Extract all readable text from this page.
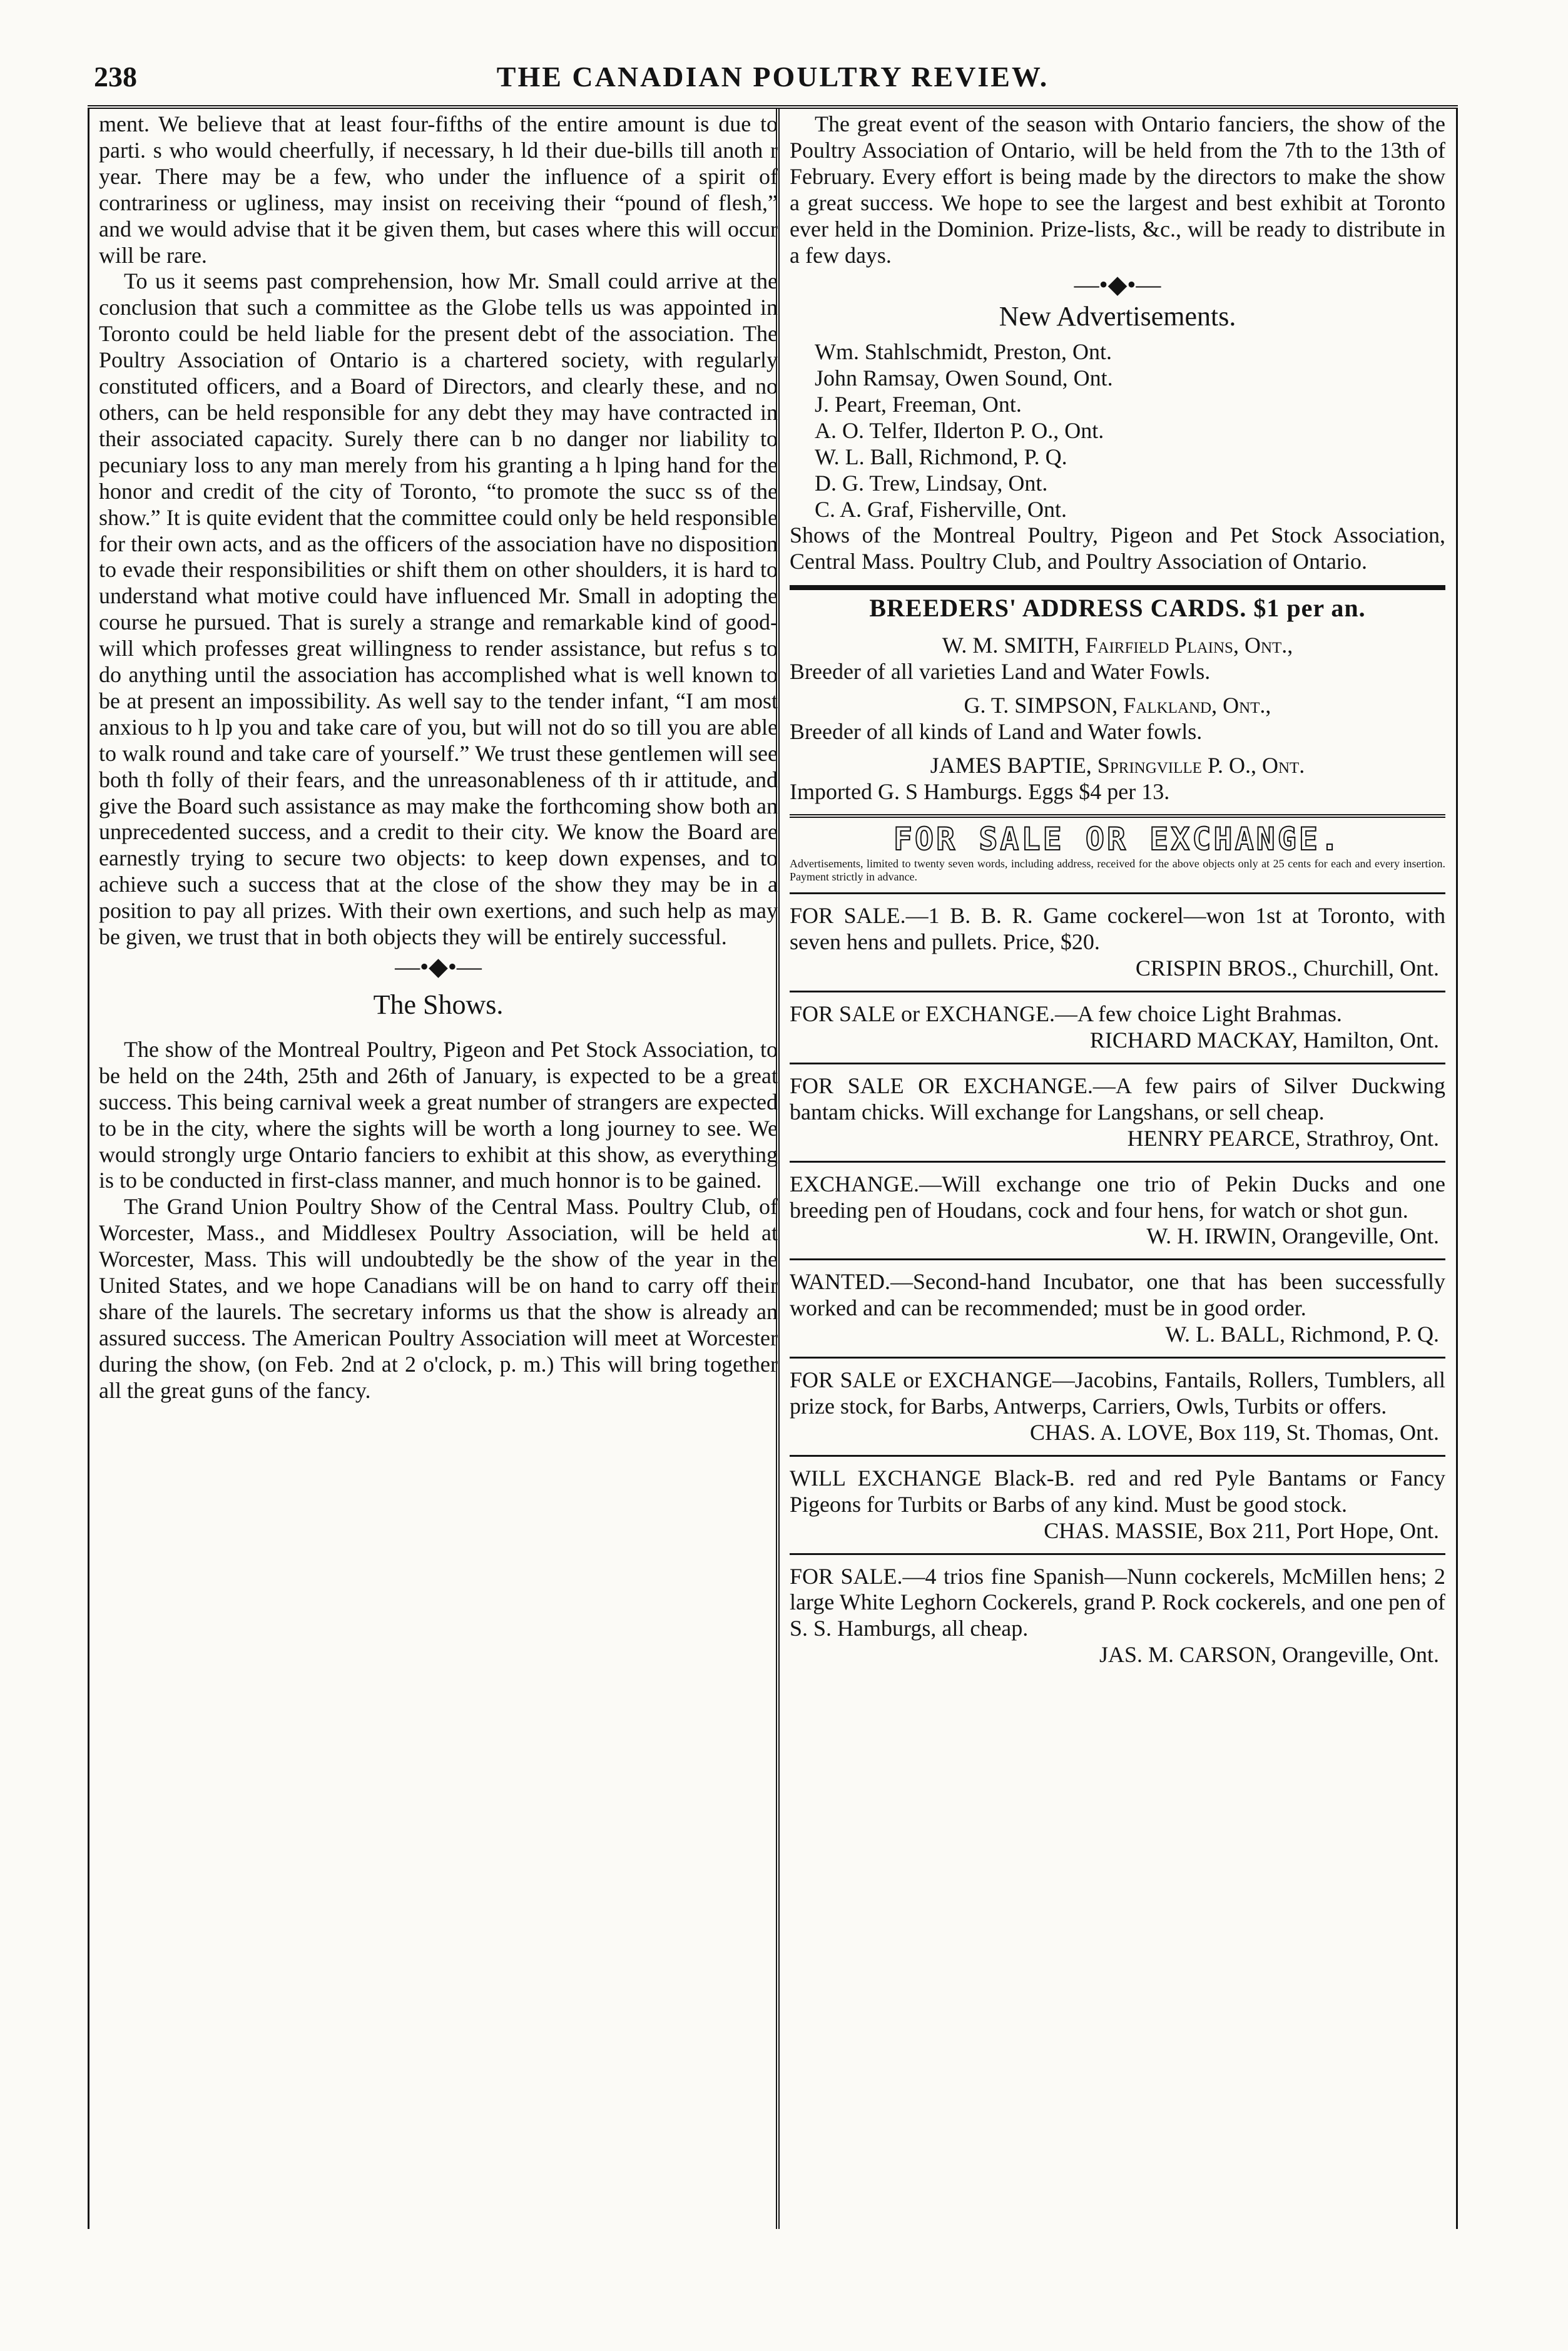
238	THE CANADIAN POULTRY REVIEW.

ment. We believe that at least four-fifths of the entire amount is due to parti. s who would cheerfully, if necessary, h ld their due-bills till anoth r year. There may be a few, who under the influence of a spirit of contrariness or ugliness, may insist on receiving their “pound of flesh,” and we would advise that it be given them, but cases where this will occur will be rare.

To us it seems past comprehension, how Mr. Small could arrive at the conclusion that such a committee as the Globe tells us was appointed in Toronto could be held liable for the present debt of the association. The Poultry Association of Ontario is a chartered society, with regularly constituted officers, and a Board of Directors, and clearly these, and no others, can be held responsible for any debt they may have contracted in their associated capacity. Surely there can b no danger nor liability to pecuniary loss to any man merely from his granting a h lping hand for the honor and credit of the city of Toronto, “to promote the succ ss of the show.” It is quite evident that the committee could only be held responsible for their own acts, and as the officers of the association have no disposition to evade their responsibilities or shift them on other shoulders, it is hard to understand what motive could have influenced Mr. Small in adopting the course he pursued. That is surely a strange and remarkable kind of good-will which professes great willingness to render assistance, but refus s to do anything until the association has accomplished what is well known to be at present an impossibility. As well say to the tender infant, “I am most anxious to h lp you and take care of you, but will not do so till you are able to walk round and take care of yourself.” We trust these gentlemen will see both th folly of their fears, and the unreasonableness of th ir attitude, and give the Board such assistance as may make the forthcoming show both an unprecedented success, and a credit to their city. We know the Board are earnestly trying to secure two objects: to keep down expenses, and to achieve such a success that at the close of the show they may be in a position to pay all prizes. With their own exertions, and such help as may be given, we trust that in both objects they will be entirely successful.

—•◆•—
The Shows.

The show of the Montreal Poultry, Pigeon and Pet Stock Association, to be held on the 24th, 25th and 26th of January, is expected to be a great success. This being carnival week a great number of strangers are expected to be in the city, where the sights will be worth a long journey to see. We would strongly urge Ontario fanciers to exhibit at this show, as everything is to be conducted in first-class manner, and much honnor is to be gained.

The Grand Union Poultry Show of the Central Mass. Poultry Club, of Worcester, Mass., and Middlesex Poultry Association, will be held at Worcester, Mass. This will undoubtedly be the show of the year in the United States, and we hope Canadians will be on hand to carry off their share of the laurels. The secretary informs us that the show is already an assured success. The American Poultry Association will meet at Worcester during the show, (on Feb. 2nd at 2 o'clock, p. m.) This will bring together all the great guns of the fancy.

The great event of the season with Ontario fanciers, the show of the Poultry Association of Ontario, will be held from the 7th to the 13th of February. Every effort is being made by the directors to make the show a great success. We hope to see the largest and best exhibit at Toronto ever held in the Dominion. Prize-lists, &c., will be ready to distribute in a few days.

—•◆•—
New Advertisements.
Wm. Stahlschmidt, Preston, Ont.
John Ramsay, Owen Sound, Ont.
J. Peart, Freeman, Ont.
A. O. Telfer, Ilderton P. O., Ont.
W. L. Ball, Richmond, P. Q.
D. G. Trew, Lindsay, Ont.
C. A. Graf, Fisherville, Ont.

Shows of the Montreal Poultry, Pigeon and Pet Stock Association, Central Mass. Poultry Club, and Poultry Association of Ontario.

BREEDERS' ADDRESS CARDS. $1 per an.
W. M. SMITH, Fairfield Plains, Ont.,
Breeder of all varieties Land and Water Fowls.
G. T. SIMPSON, Falkland, Ont.,
Breeder of all kinds of Land and Water fowls.
JAMES BAPTIE, Springville P. O., Ont.
Imported G. S Hamburgs. Eggs $4 per 13.
FOR SALE OR EXCHANGE.
Advertisements, limited to twenty seven words, including address, received for the above objects only at 25 cents for each and every insertion. Payment strictly in advance.

FOR SALE.—1 B. B. R. Game cockerel—won 1st at Toronto, with seven hens and pullets. Price, $20.

CRISPIN BROS., Churchill, Ont.

FOR SALE or EXCHANGE.—A few choice Light Brahmas.

RICHARD MACKAY, Hamilton, Ont.

FOR SALE OR EXCHANGE.—A few pairs of Silver Duckwing bantam chicks. Will exchange for Langshans, or sell cheap.

HENRY PEARCE, Strathroy, Ont.

EXCHANGE.—Will exchange one trio of Pekin Ducks and one breeding pen of Houdans, cock and four hens, for watch or shot gun.

W. H. IRWIN, Orangeville, Ont.

WANTED.—Second-hand Incubator, one that has been successfully worked and can be recommended; must be in good order.

W. L. BALL, Richmond, P. Q.

FOR SALE or EXCHANGE—Jacobins, Fantails, Rollers, Tumblers, all prize stock, for Barbs, Antwerps, Carriers, Owls, Turbits or offers.

CHAS. A. LOVE, Box 119, St. Thomas, Ont.

WILL EXCHANGE Black-B. red and red Pyle Bantams or Fancy Pigeons for Turbits or Barbs of any kind. Must be good stock.

CHAS. MASSIE, Box 211, Port Hope, Ont.

FOR SALE.—4 trios fine Spanish—Nunn cockerels, McMillen hens; 2 large White Leghorn Cockerels, grand P. Rock cockerels, and one pen of S. S. Hamburgs, all cheap.

JAS. M. CARSON, Orangeville, Ont.
